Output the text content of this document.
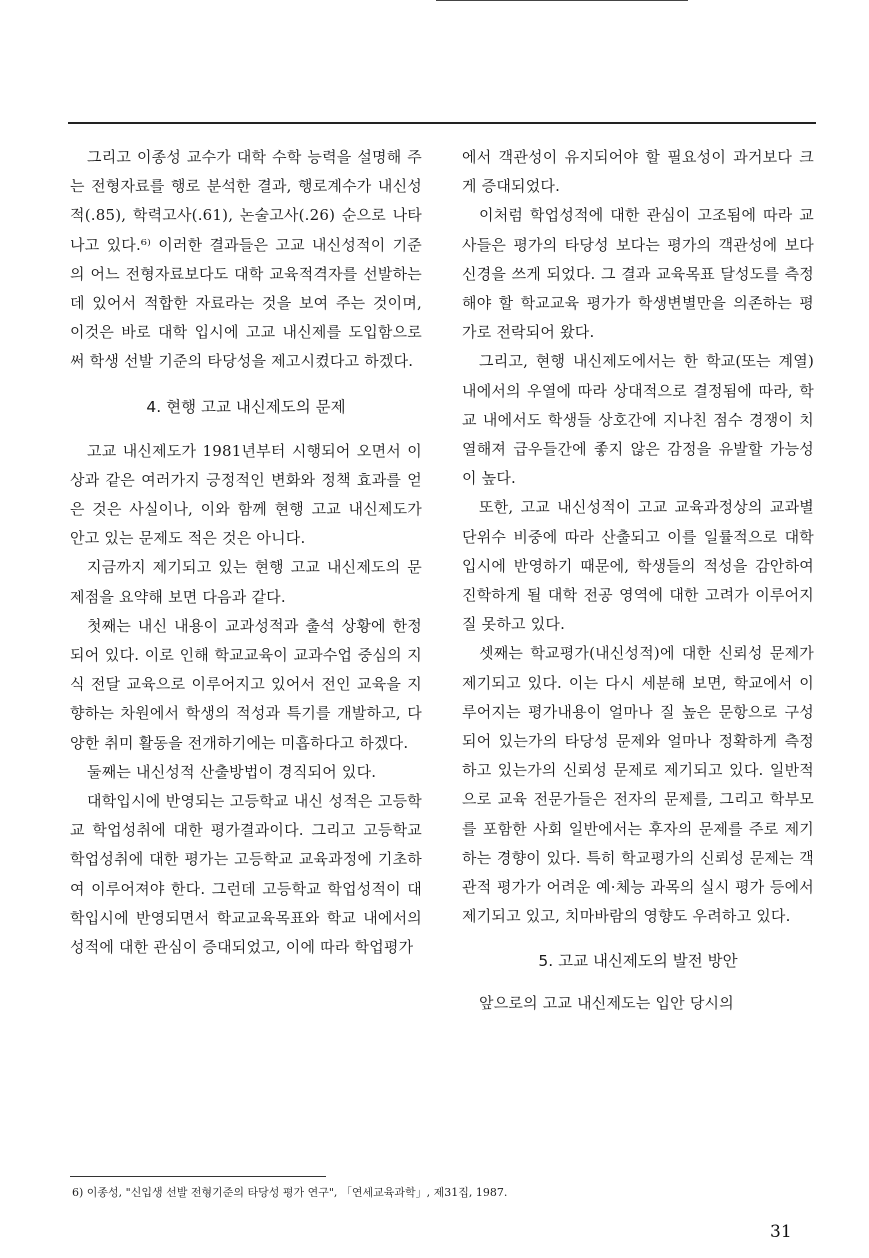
그리고 이종성 교수가 대학 수학 능력을 설명해 주는 전형자료를 행로 분석한 결과, 행로계수가 내신성적(.85), 학력고사(.61), 논술고사(.26) 순으로 나타나고 있다.⁶⁾ 이러한 결과들은 고교 내신성적이 기준의 어느 전형자료보다도 대학 교육적격자를 선발하는데 있어서 적합한 자료라는 것을 보여 주는 것이며, 이것은 바로 대학 입시에 고교 내신제를 도입함으로써 학생 선발 기준의 타당성을 제고시켰다고 하겠다.

4. 현행 고교 내신제도의 문제

고교 내신제도가 1981년부터 시행되어 오면서 이상과 같은 여러가지 긍정적인 변화와 정책 효과를 얻은 것은 사실이나, 이와 함께 현행 고교 내신제도가 안고 있는 문제도 적은 것은 아니다.

지금까지 제기되고 있는 현행 고교 내신제도의 문제점을 요약해 보면 다음과 같다.

첫째는 내신 내용이 교과성적과 출석 상황에 한정되어 있다. 이로 인해 학교교육이 교과수업 중심의 지식 전달 교육으로 이루어지고 있어서 전인 교육을 지향하는 차원에서 학생의 적성과 특기를 개발하고, 다양한 취미 활동을 전개하기에는 미흡하다고 하겠다.

둘째는 내신성적 산출방법이 경직되어 있다.

대학입시에 반영되는 고등학교 내신 성적은 고등학교 학업성취에 대한 평가결과이다. 그리고 고등학교 학업성취에 대한 평가는 고등학교 교육과정에 기초하여 이루어져야 한다. 그런데 고등학교 학업성적이 대학입시에 반영되면서 학교교육목표와 학교 내에서의 성적에 대한 관심이 증대되었고, 이에 따라 학업평가

에서 객관성이 유지되어야 할 필요성이 과거보다 크게 증대되었다.

이처럼 학업성적에 대한 관심이 고조됨에 따라 교사들은 평가의 타당성 보다는 평가의 객관성에 보다 신경을 쓰게 되었다. 그 결과 교육목표 달성도를 측정해야 할 학교교육 평가가 학생변별만을 의존하는 평가로 전락되어 왔다.

그리고, 현행 내신제도에서는 한 학교(또는 계열) 내에서의 우열에 따라 상대적으로 결정됨에 따라, 학교 내에서도 학생들 상호간에 지나친 점수 경쟁이 치열해져 급우들간에 좋지 않은 감정을 유발할 가능성이 높다.

또한, 고교 내신성적이 고교 교육과정상의 교과별 단위수 비중에 따라 산출되고 이를 일률적으로 대학 입시에 반영하기 때문에, 학생들의 적성을 감안하여 진학하게 될 대학 전공 영역에 대한 고려가 이루어지질 못하고 있다.

셋째는 학교평가(내신성적)에 대한 신뢰성 문제가 제기되고 있다. 이는 다시 세분해 보면, 학교에서 이루어지는 평가내용이 얼마나 질 높은 문항으로 구성되어 있는가의 타당성 문제와 얼마나 정확하게 측정하고 있는가의 신뢰성 문제로 제기되고 있다. 일반적으로 교육 전문가들은 전자의 문제를, 그리고 학부모를 포함한 사회 일반에서는 후자의 문제를 주로 제기하는 경향이 있다. 특히 학교평가의 신뢰성 문제는 객관적 평가가 어려운 예·체능 과목의 실시 평가 등에서 제기되고 있고, 치마바람의 영향도 우려하고 있다.

5. 고교 내신제도의 발전 방안

앞으로의 고교 내신제도는 입안 당시의

6) 이종성, "신입생 선발 전형기준의 타당성 평가 연구", 「연세교육과학」, 제31집, 1987.
31
